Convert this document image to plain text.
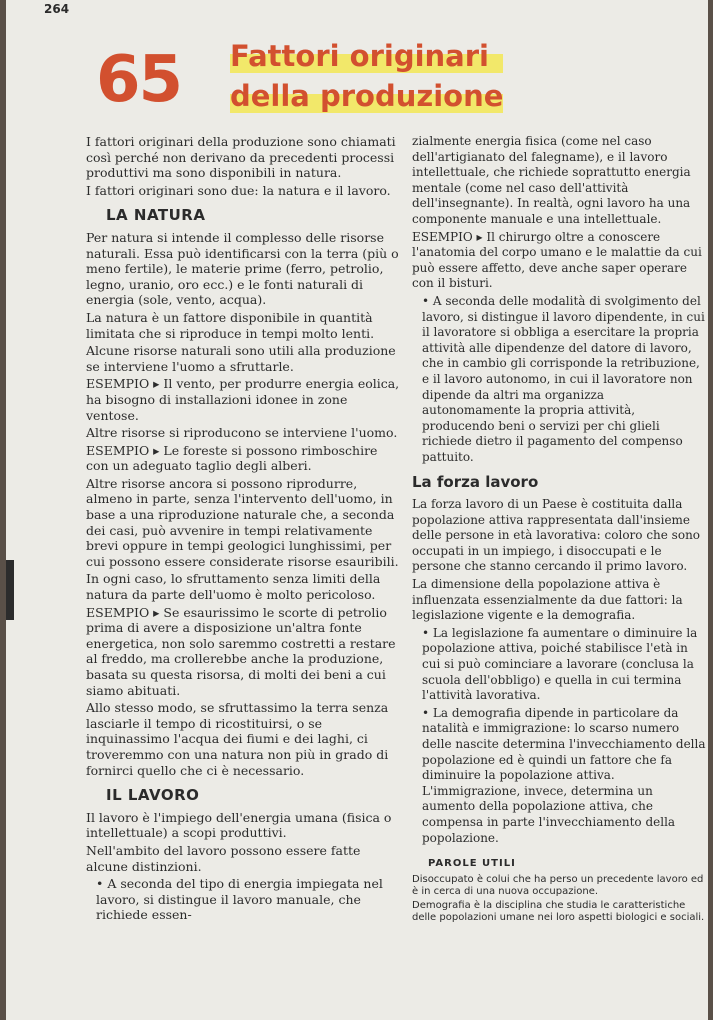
264
65 Fattori originari
della produzione

I fattori originari della produzione sono chiamati così perché non derivano da precedenti processi produttivi ma sono disponibili in natura.

I fattori originari sono due: la natura e il lavoro.

LA NATURA

Per natura si intende il complesso delle risorse naturali. Essa può identificarsi con la terra (più o meno fertile), le materie prime (ferro, petrolio, legno, uranio, oro ecc.) e le fonti naturali di energia (sole, vento, acqua).

La natura è un fattore disponibile in quantità limitata che si riproduce in tempi molto lenti.

Alcune risorse naturali sono utili alla produzione se interviene l'uomo a sfruttarle.

ESEMPIO ▸ Il vento, per produrre energia eolica, ha bisogno di installazioni idonee in zone ventose.

Altre risorse si riproducono se interviene l'uomo.

ESEMPIO ▸ Le foreste si possono rimboschire con un adeguato taglio degli alberi.

Altre risorse ancora si possono riprodurre, almeno in parte, senza l'intervento dell'uomo, in base a una riproduzione naturale che, a seconda dei casi, può avvenire in tempi relativamente brevi oppure in tempi geologici lunghissimi, per cui possono essere considerate risorse esauribili.

In ogni caso, lo sfruttamento senza limiti della natura da parte dell'uomo è molto pericoloso.

ESEMPIO ▸ Se esaurissimo le scorte di petrolio prima di avere a disposizione un'altra fonte energetica, non solo saremmo costretti a restare al freddo, ma crollerebbe anche la produzione, basata su questa risorsa, di molti dei beni a cui siamo abituati.

Allo stesso modo, se sfruttassimo la terra senza lasciarle il tempo di ricostituirsi, o se inquinassimo l'acqua dei fiumi e dei laghi, ci troveremmo con una natura non più in grado di fornirci quello che ci è necessario.

IL LAVORO

Il lavoro è l'impiego dell'energia umana (fisica o intellettuale) a scopi produttivi.

Nell'ambito del lavoro possono essere fatte alcune distinzioni.

• A seconda del tipo di energia impiegata nel lavoro, si distingue il lavoro manuale, che richiede essen-

zialmente energia fisica (come nel caso dell'artigianato del falegname), e il lavoro intellettuale, che richiede soprattutto energia mentale (come nel caso dell'attività dell'insegnante). In realtà, ogni lavoro ha una componente manuale e una intellettuale.

ESEMPIO ▸ Il chirurgo oltre a conoscere l'anatomia del corpo umano e le malattie da cui può essere affetto, deve anche saper operare con il bisturi.

• A seconda delle modalità di svolgimento del lavoro, si distingue il lavoro dipendente, in cui il lavoratore si obbliga a esercitare la propria attività alle dipendenze del datore di lavoro, che in cambio gli corrisponde la retribuzione, e il lavoro autonomo, in cui il lavoratore non dipende da altri ma organizza autonomamente la propria attività, producendo beni o servizi per chi glieli richiede dietro il pagamento del compenso pattuito.

La forza lavoro

La forza lavoro di un Paese è costituita dalla popolazione attiva rappresentata dall'insieme delle persone in età lavorativa: coloro che sono occupati in un impiego, i disoccupati e le persone che stanno cercando il primo lavoro.

La dimensione della popolazione attiva è influenzata essenzialmente da due fattori: la legislazione vigente e la demografia.

• La legislazione fa aumentare o diminuire la popolazione attiva, poiché stabilisce l'età in cui si può cominciare a lavorare (conclusa la scuola dell'obbligo) e quella in cui termina l'attività lavorativa.

• La demografia dipende in particolare da natalità e immigrazione: lo scarso numero delle nascite determina l'invecchiamento della popolazione ed è quindi un fattore che fa diminuire la popolazione attiva. L'immigrazione, invece, determina un aumento della popolazione attiva, che compensa in parte l'invecchiamento della popolazione.

PAROLE UTILI

Disoccupato è colui che ha perso un precedente lavoro ed è in cerca di una nuova occupazione.

Demografia è la disciplina che studia le caratteristiche delle popolazioni umane nei loro aspetti biologici e sociali.
